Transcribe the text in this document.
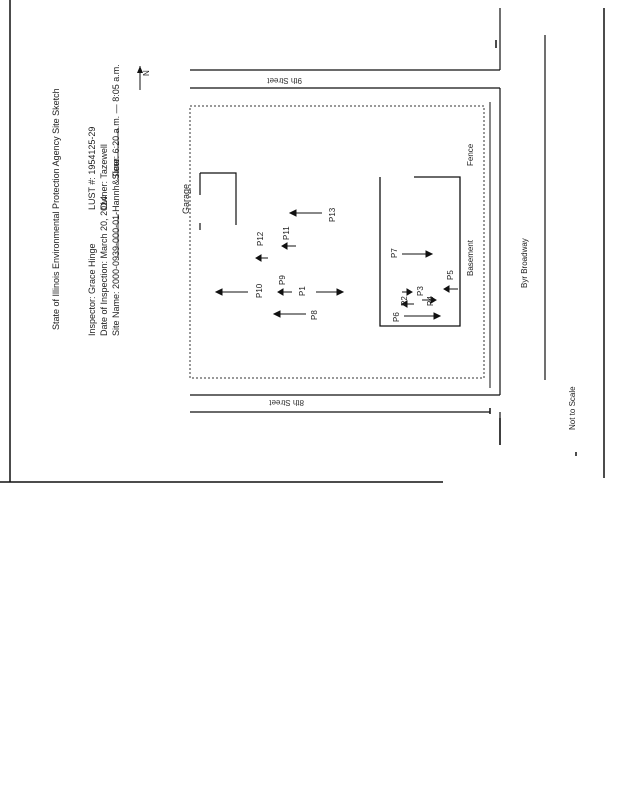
State of Illinois Environmental Protection Agency Site Sketch	Inspector: Grace Hinge Date of Inspection: March 20, 2014 Site Name: 2000-0939-000-01-Hannh&Sleer
LUST #: 1954125-29 Owner: Tazewell Time: 6:20 a.m. — 8:05 a.m.	N
9th Street
8th Street
Byr Broadway
Not to Scale
Fence
Basement
Garage
P13
P12 P11
P10
P9
P1
P8
P7
P2
P3
P4
P5
P6
